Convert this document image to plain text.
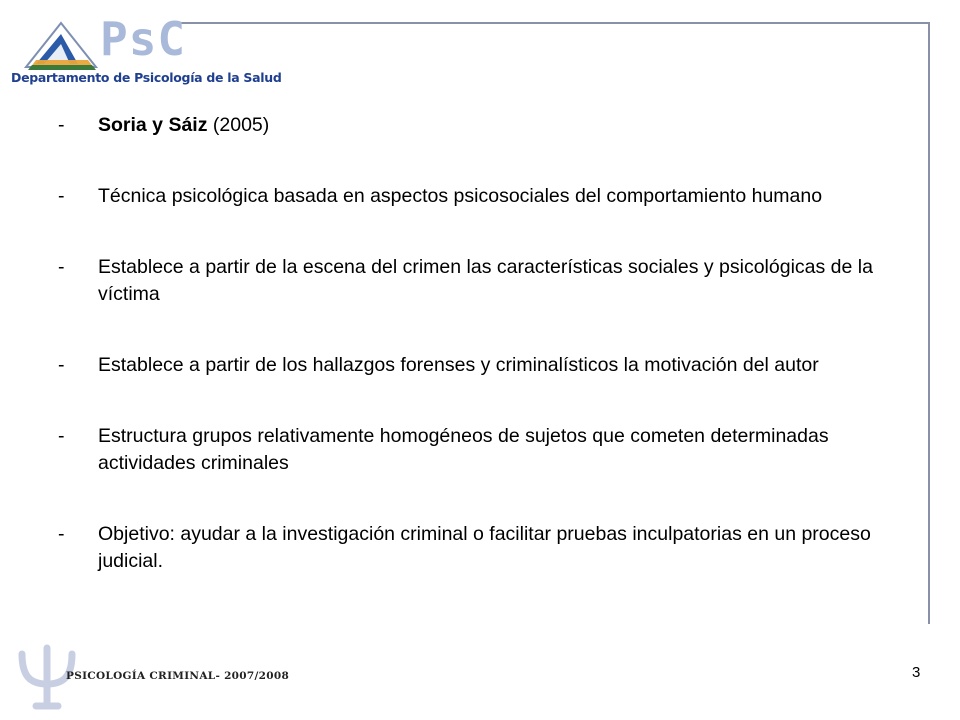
PsC
Departamento de Psicología de la Salud
-	Soria y Sáiz (2005)
-	Técnica psicológica basada en aspectos psicosociales del comportamiento humano
-	Establece a partir de la escena del crimen las características sociales y psicológicas de la víctima
-	Establece a partir de los hallazgos forenses y criminalísticos la motivación del autor
-	Estructura grupos relativamente homogéneos de sujetos que cometen determinadas actividades criminales
-	Objetivo: ayudar a la investigación criminal o facilitar pruebas inculpatorias en un proceso judicial.
PSICOLOGÍA CRIMINAL- 2007/2008	3
